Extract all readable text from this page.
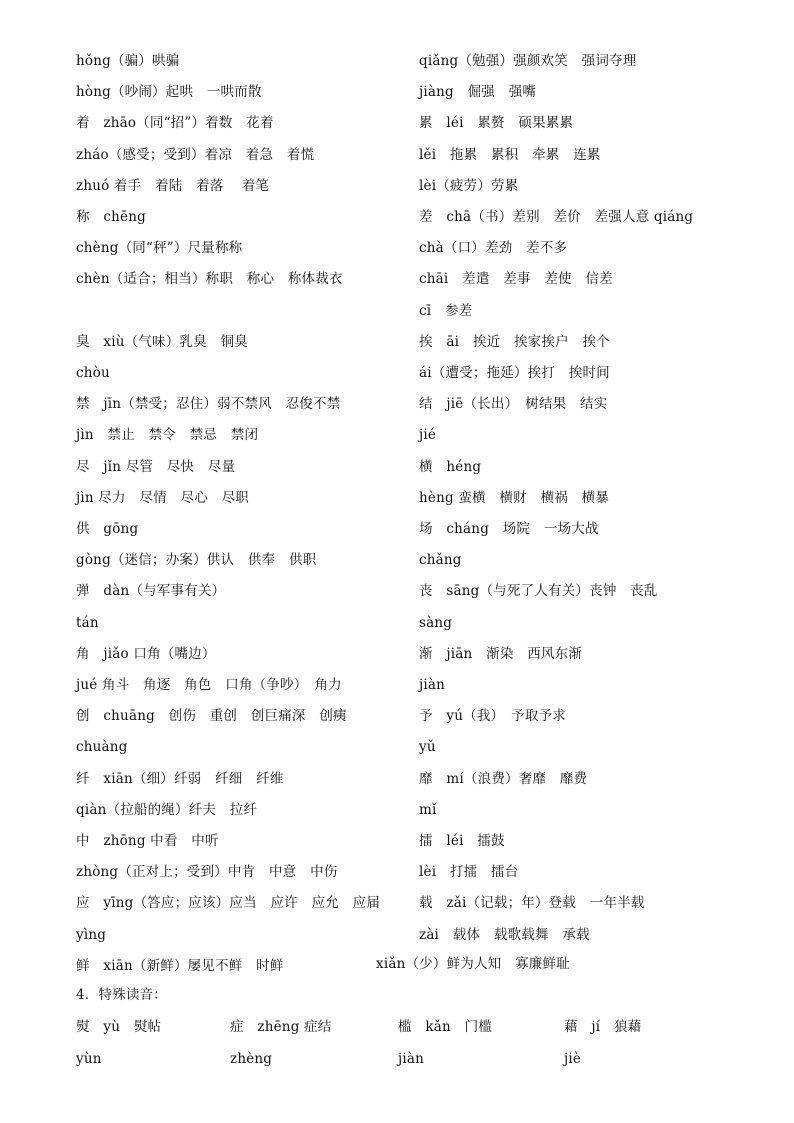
hǒng（骗）哄骗
hòng（吵闹）起哄　一哄而散
着　zhāo（同“招”）着数　花着
zháo（感受；受到）着凉　着急　着慌
zhuó 着手　着陆　着落　 着笔
称　chēng
chèng（同“秤”）尺量称称
chèn（适合；相当）称职　称心　称体裁衣
臭　xiù（气味）乳臭　铜臭
chòu
禁　jīn（禁受；忍住）弱不禁风　忍俊不禁
jìn　禁止　禁令　禁忌　禁闭
尽　jǐn 尽管　尽快　尽量
jìn 尽力　尽情　尽心　尽职
供　gōng
gòng（迷信；办案）供认　供奉　供职
弹　dàn（与军事有关）
tán
角　jiǎo 口角（嘴边）
jué 角斗　角逐　角色　口角（争吵）　角力
创　chuāng　创伤　重创　创巨痛深　创痍
chuàng
纤　xiān（细）纤弱　纤细　纤维
qiàn（拉船的绳）纤夫　拉纤
中　zhōng 中看　中听
zhòng（正对上；受到）中肯　中意　中伤
应　yīng（答应；应该）应当　应许　应允　应届
yìng
鲜　xiān（新鲜）屡见不鲜　时鲜
qiǎng（勉强）强颜欢笑　强词夺理
jiàng　倔强　强嘴
累　léi　累赘　硕果累累
lěi　拖累　累积　牵累　连累
lèi（疲劳）劳累
差　chā（书）差别　差价　差强人意 qiáng
chà（口）差劲　差不多
chāi　差遣　差事　差使　信差
cī　参差
挨　āi　挨近　挨家挨户　挨个
ái（遭受；拖延）挨打　挨时间
结　jiē（长出）　树结果　结实
jié
横　héng
hèng 蛮横　横财　横祸　横暴
场　cháng　场院　一场大战
chǎng
丧　sāng（与死了人有关）丧钟　丧乱
sàng
渐　jiān　渐染　西风东渐
jiàn
予　yú（我）　予取予求
yǔ
靡　mí（浪费）奢靡　靡费
mǐ
擂　léi　擂鼓
lèi　打擂　擂台
载　zǎi（记载；年）登载　一年半载
zài　载体　载歌载舞　承载
xiǎn（少）鲜为人知　寡廉鲜耻
4．特殊读音：
熨　yù　熨帖
yùn
症　zhēng 症结
zhèng
槛　kǎn　门槛
jiàn
藉　jí　狼藉
jiè
